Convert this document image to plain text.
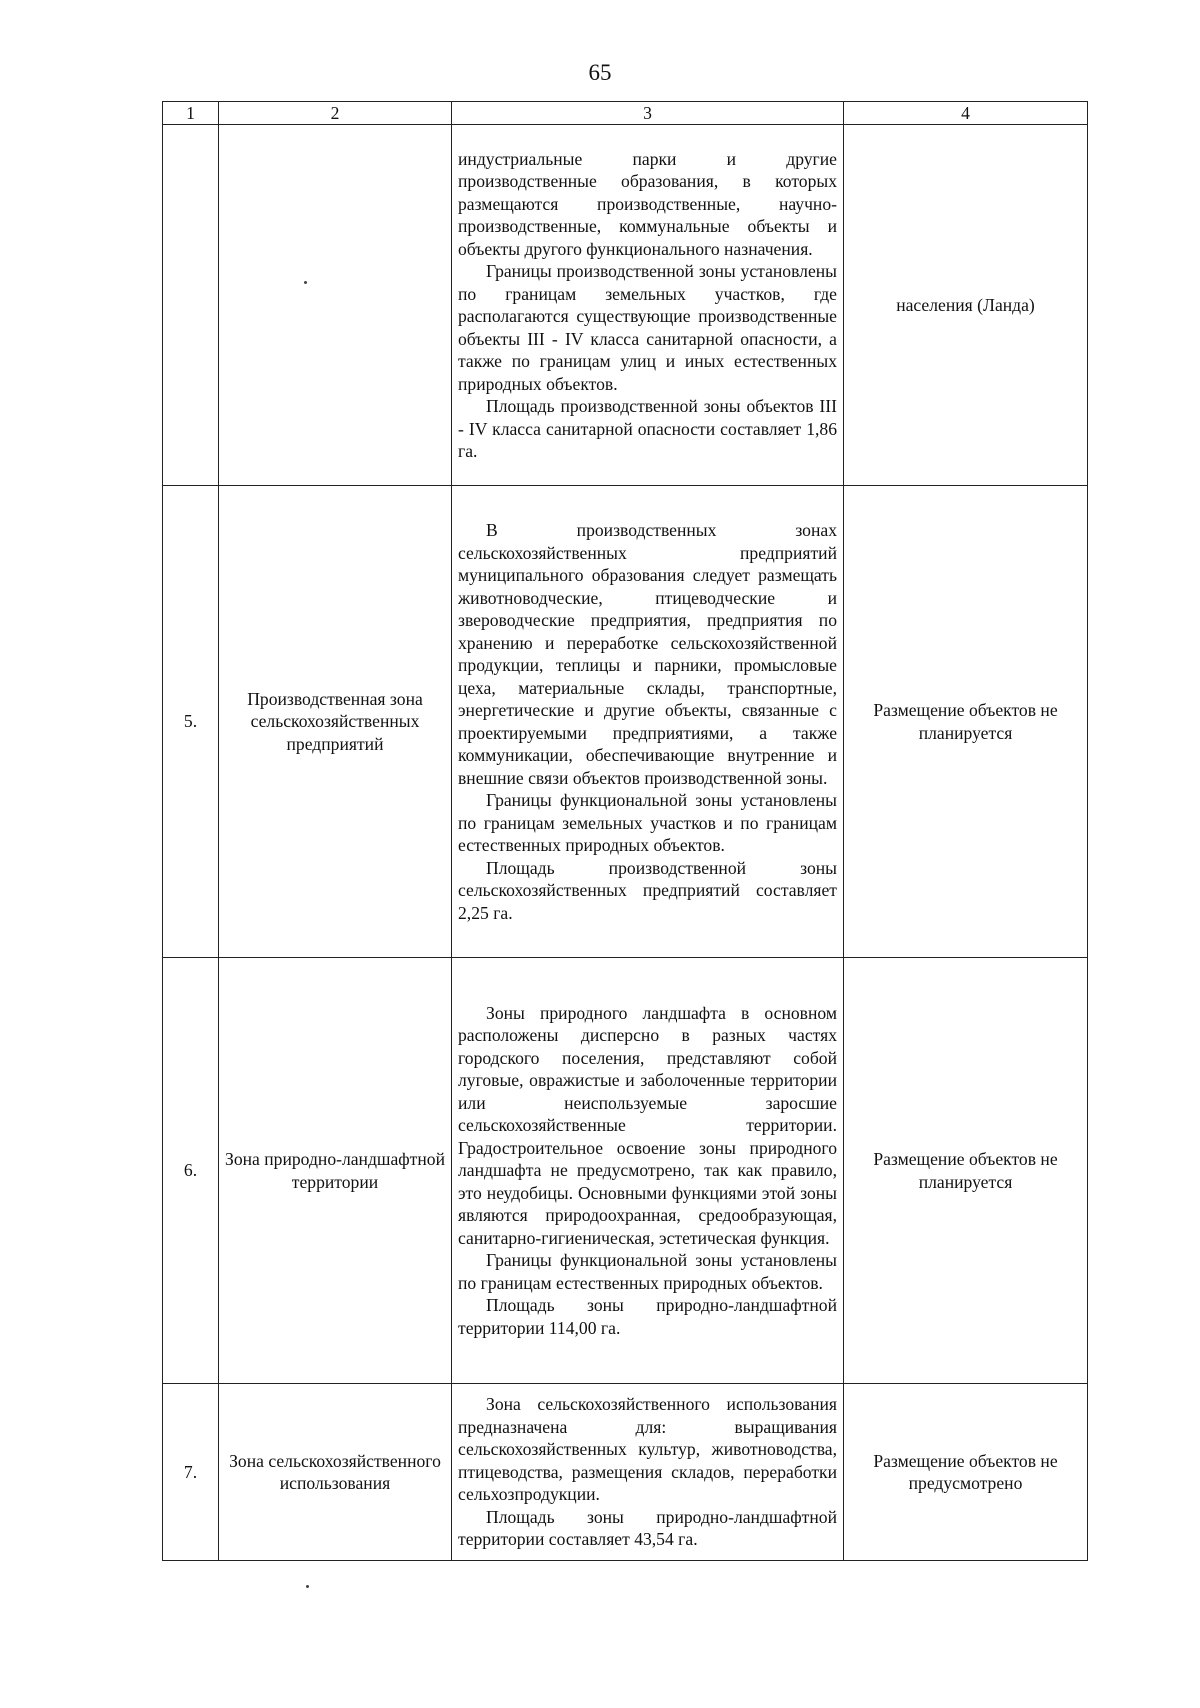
65
1	2	3	4

		индустриальные парки и другие производственные образования, в которых размещаются производственные, научно-производственные, коммунальные объекты и объекты другого функционального назначения.

Границы производственной зоны установлены по границам земельных участков, где располагаются существующие производственные объекты III - IV класса санитарной опасности, а также по границам улиц и иных естественных природных объектов.

Площадь производственной зоны объектов III - IV класса санитарной опасности составляет 1,86 га.	населения (Ланда)
5.	Производственная зона сельскохозяйственных предприятий	В производственных зонах сельскохозяйственных предприятий муниципального образования следует размещать животноводческие, птицеводческие и звероводческие предприятия, предприятия по хранению и переработке сельскохозяйственной продукции, теплицы и парники, промысловые цеха, материальные склады, транспортные, энергетические и другие объекты, связанные с проектируемыми предприятиями, а также коммуникации, обеспечивающие внутренние и внешние связи объектов производственной зоны.

Границы функциональной зоны установлены по границам земельных участков и по границам естественных природных объектов.

Площадь производственной зоны сельскохозяйственных предприятий составляет 2,25 га.	Размещение объектов не планируется
6.	Зона природно-ландшафтной территории	Зоны природного ландшафта в основном расположены дисперсно в разных частях городского поселения, представляют собой луговые, овражистые и заболоченные территории или неиспользуемые заросшие сельскохозяйственные территории. Градостроительное освоение зоны природного ландшафта не предусмотрено, так как правило, это неудобицы. Основными функциями этой зоны являются природоохранная, средообразующая, санитарно-гигиеническая, эстетическая функция.

Границы функциональной зоны установлены по границам естественных природных объектов.

Площадь зоны природно-ландшафтной территории 114,00 га.	Размещение объектов не планируется
7.	Зона сельскохозяйственного использования	Зона сельскохозяйственного использования предназначена для: выращивания сельскохозяйственных культур, животноводства, птицеводства, размещения складов, переработки сельхозпродукции.

Площадь зоны природно-ландшафтной территории составляет 43,54 га.	Размещение объектов не предусмотрено
